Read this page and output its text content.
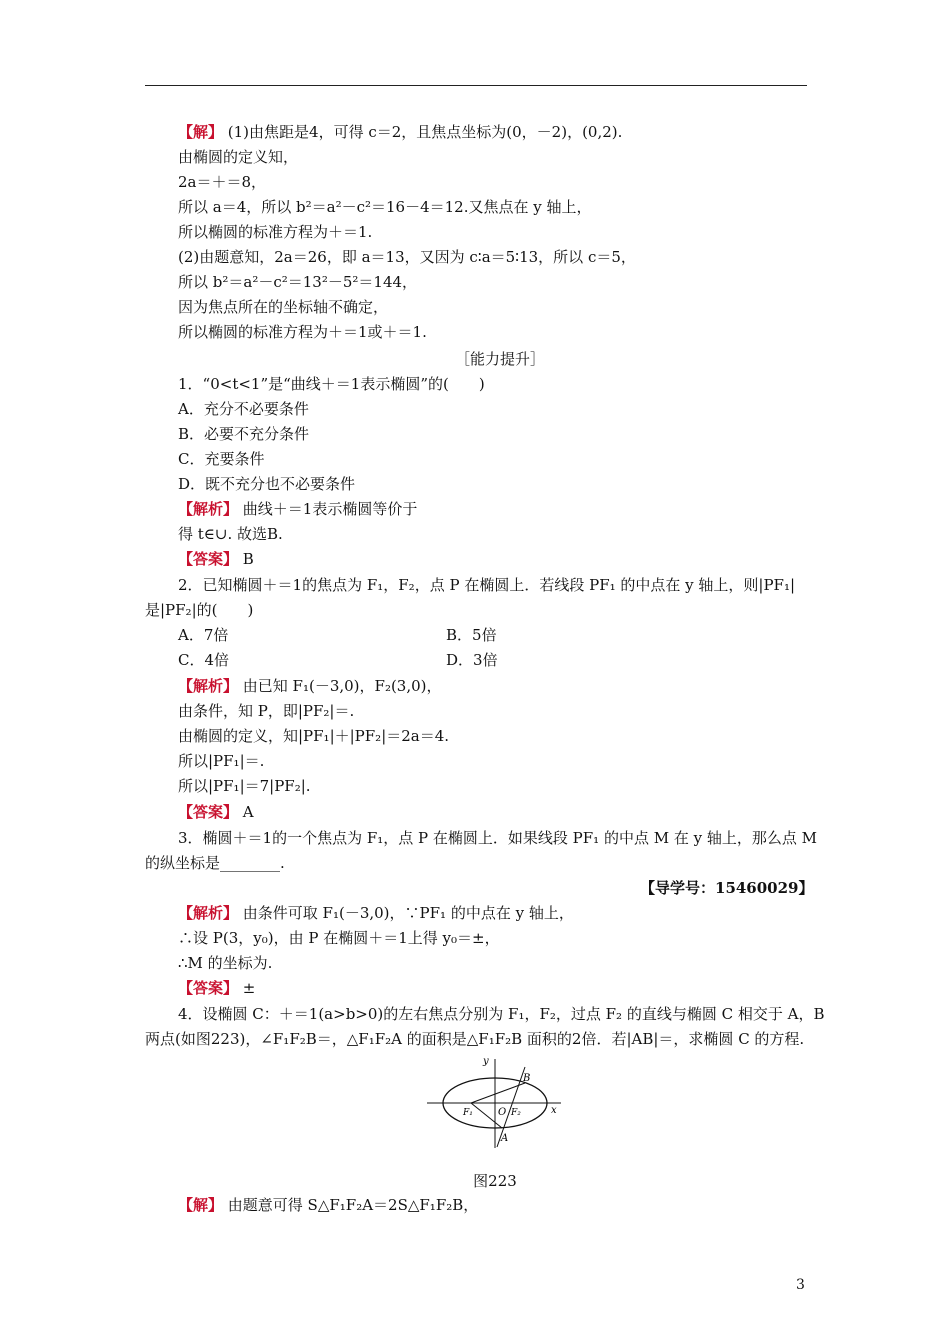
【解】 (1)由焦距是4，可得 c＝2，且焦点坐标为(0，－2)，(0,2).
由椭圆的定义知，
2a＝＋＝8，
所以 a＝4，所以 b²＝a²－c²＝16－4＝12.又焦点在 y 轴上，
所以椭圆的标准方程为＋＝1.
(2)由题意知，2a＝26，即 a＝13，又因为 c∶a＝5∶13，所以 c＝5，
所以 b²＝a²－c²＝13²－5²＝144，
因为焦点所在的坐标轴不确定，
所以椭圆的标准方程为＋＝1或＋＝1.
［能力提升］
1．“0<t<1”是“曲线＋＝1表示椭圆”的(　　)
A．充分不必要条件
B．必要不充分条件
C．充要条件
D．既不充分也不必要条件
【解析】 曲线＋＝1表示椭圆等价于
得 t∈∪. 故选B.
【答案】 B
2．已知椭圆＋＝1的焦点为 F₁，F₂，点 P 在椭圆上．若线段 PF₁ 的中点在 y 轴上，则|PF₁|
是|PF₂|的(　　)
A．7倍	B．5倍
C．4倍	D．3倍
【解析】 由已知 F₁(－3,0)，F₂(3,0)，
由条件，知 P，即|PF₂|＝.
由椭圆的定义，知|PF₁|＋|PF₂|＝2a＝4.
所以|PF₁|＝.
所以|PF₁|＝7|PF₂|.
【答案】 A
3．椭圆＋＝1的一个焦点为 F₁，点 P 在椭圆上．如果线段 PF₁ 的中点 M 在 y 轴上，那么点 M
的纵坐标是________.
【导学号：15460029】
【解析】 由条件可取 F₁(－3,0)，∵PF₁ 的中点在 y 轴上，
∴设 P(3，y₀)，由 P 在椭圆＋＝1上得 y₀＝±，
∴M 的坐标为.
【答案】 ±
4．设椭圆 C：＋＝1(a>b>0)的左右焦点分别为 F₁，F₂，过点 F₂ 的直线与椭圆 C 相交于 A，B
两点(如图223)，∠F₁F₂B＝，△F₁F₂A 的面积是△F₁F₂B 面积的2倍．若|AB|＝，求椭圆 C 的方程.
y
x
O
F₁	F₂
A
B
图223
【解】 由题意可得 S△F₁F₂A＝2S△F₁F₂B，
3
